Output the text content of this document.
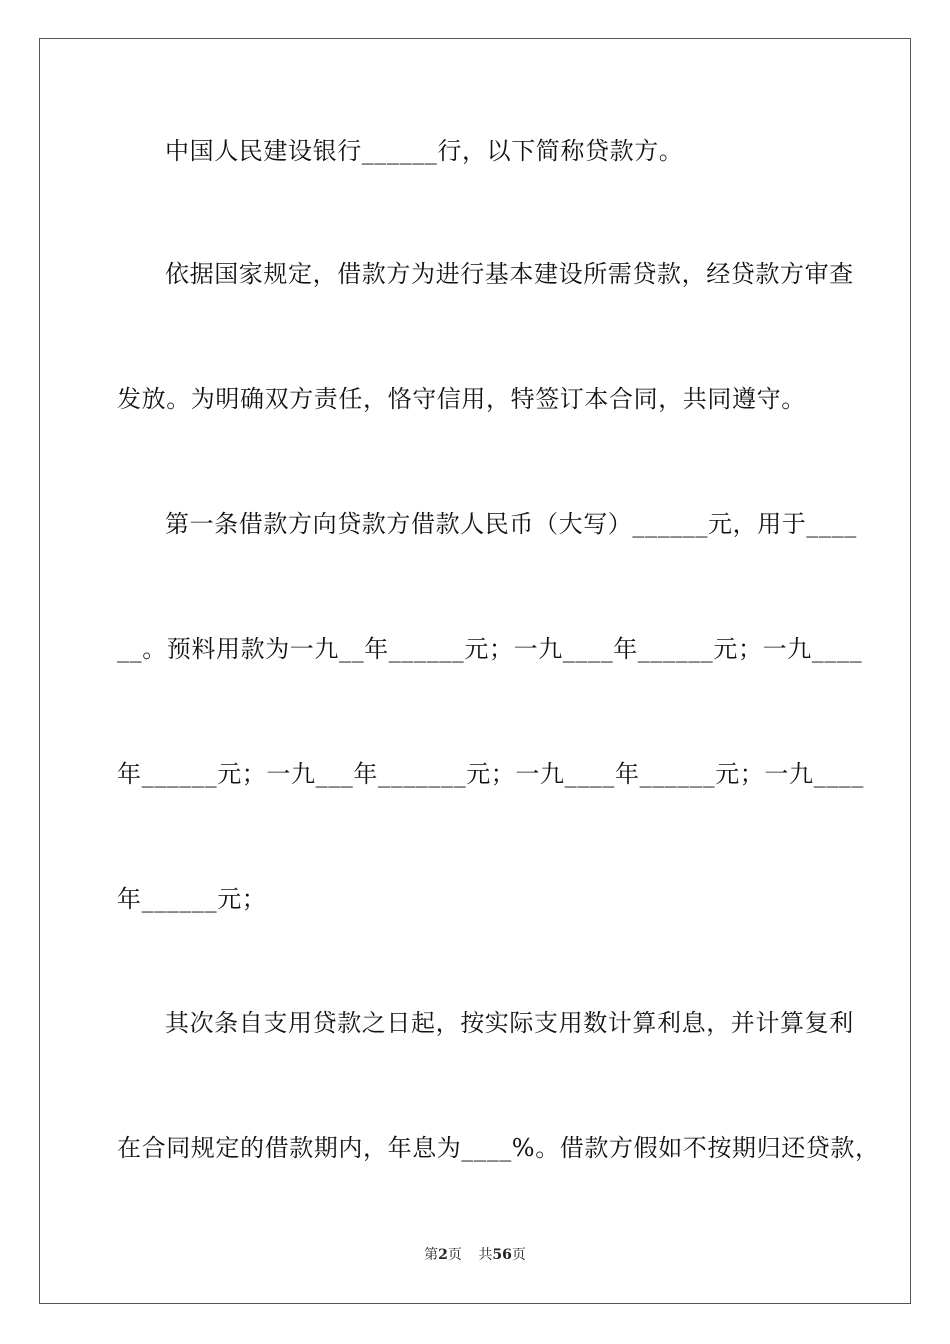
中国人民建设银行______行，以下简称贷款方。
依据国家规定，借款方为进行基本建设所需贷款，经贷款方审查
发放。为明确双方责任，恪守信用，特签订本合同，共同遵守。
第一条借款方向贷款方借款人民币（大写）______元，用于____
__。预料用款为一九__年______元；一九____年______元；一九____
年______元；一九___年_______元；一九____年______元；一九____
年______元；
其次条自支用贷款之日起，按实际支用数计算利息，并计算复利
在合同规定的借款期内，年息为____%。借款方假如不按期归还贷款，
第2页 共56页
